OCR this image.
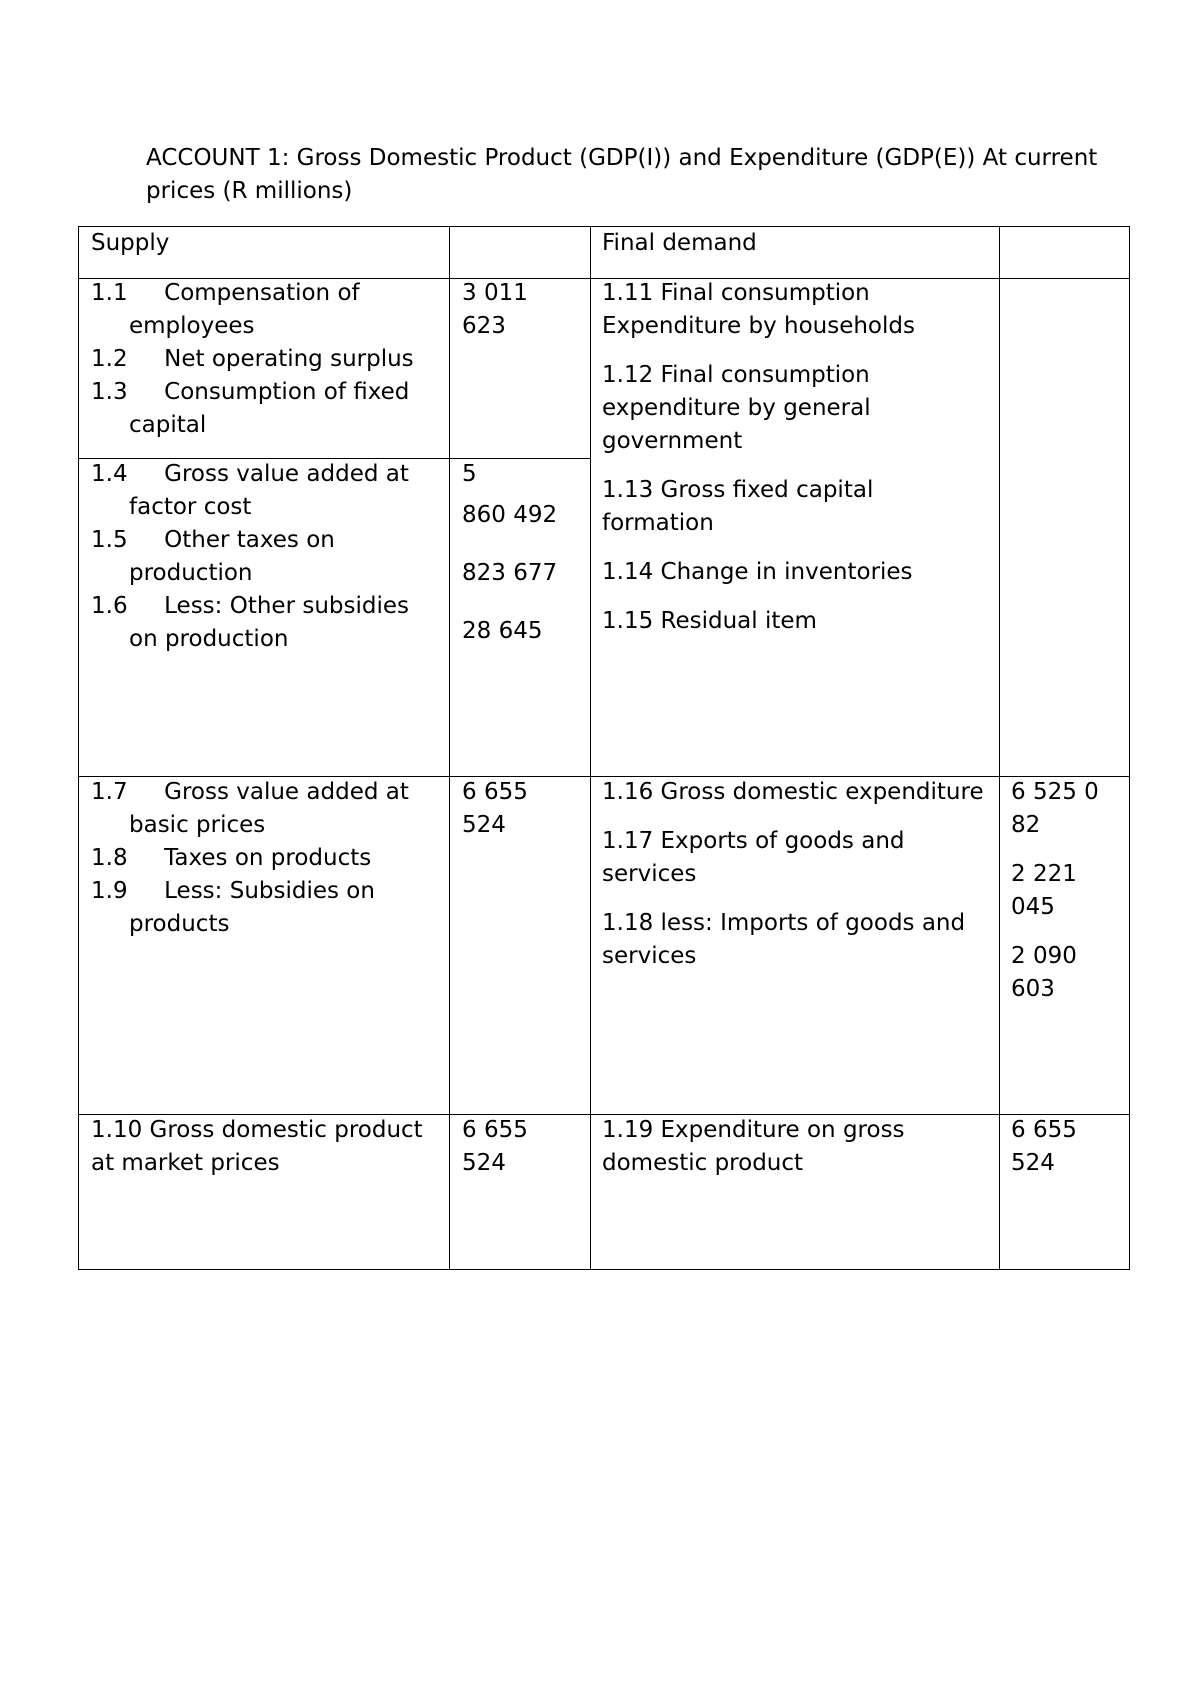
ACCOUNT 1: Gross Domestic Product (GDP(I)) and Expenditure (GDP(E)) At current prices (R millions)
Supply	Final demand
1.1 Compensation of employees
1.2 Net operating surplus
1.3 Consumption of fixed capital
3 011 623
1.4 Gross value added at factor cost
1.5 Other taxes on production
1.6 Less: Other subsidies on production
5
860 492
823 677
28 645
1.11 Final consumption Expenditure by households
1.12 Final consumption expenditure by general government
1.13 Gross fixed capital formation
1.14 Change in inventories
1.15 Residual item
1.7 Gross value added at basic prices
1.8 Taxes on products
1.9 Less: Subsidies on products
6 655 524
1.16 Gross domestic expenditure
1.17 Exports of goods and services
1.18 less: Imports of goods and services
6 525 0 82
2 221 045
2 090 603
1.10 Gross domestic product at market prices
6 655 524
1.19 Expenditure on gross domestic product
6 655 524
